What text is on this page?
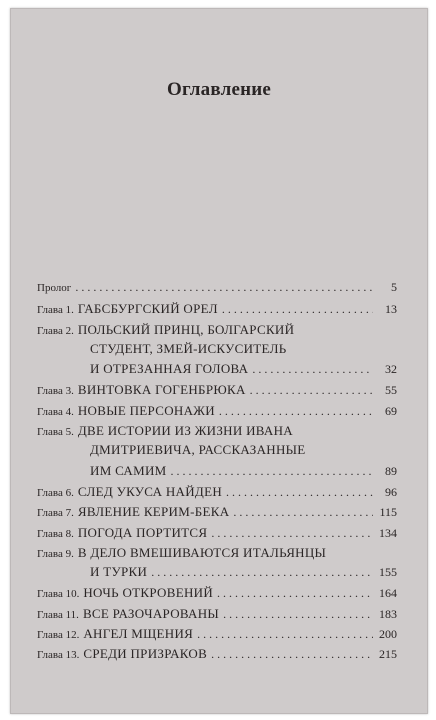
Оглавление
Пролог .....	5
Глава 1.
ГАБСБУРГСКИЙ ОРЕЛ .....	13
Глава 2.
ПОЛЬСКИЙ ПРИНЦ, БОЛГАРСКИЙ
СТУДЕНТ, ЗМЕЙ-ИСКУСИТЕЛЬ
И ОТРЕЗАННАЯ ГОЛОВА .....	32
Глава 3.
ВИНТОВКА ГОГЕНБРЮКА .....	55
Глава 4.
НОВЫЕ ПЕРСОНАЖИ .....	69
Глава 5.
ДВЕ ИСТОРИИ ИЗ ЖИЗНИ ИВАНА
ДМИТРИЕВИЧА, РАССКАЗАННЫЕ
ИМ САМИМ .....	89
Глава 6.
СЛЕД УКУСА НАЙДЕН .....	96
Глава 7.
ЯВЛЕНИЕ КЕРИМ-БЕКА .....	115
Глава 8.
ПОГОДА ПОРТИТСЯ .....	134
Глава 9.
В ДЕЛО ВМЕШИВАЮТСЯ ИТАЛЬЯНЦЫ
И ТУРКИ .....	155
Глава 10.
НОЧЬ ОТКРОВЕНИЙ .....	164
Глава 11.
ВСЕ РАЗОЧАРОВАНЫ .....	183
Глава 12.
АНГЕЛ МЩЕНИЯ .....	200
Глава 13.
СРЕДИ ПРИЗРАКОВ .....	215
